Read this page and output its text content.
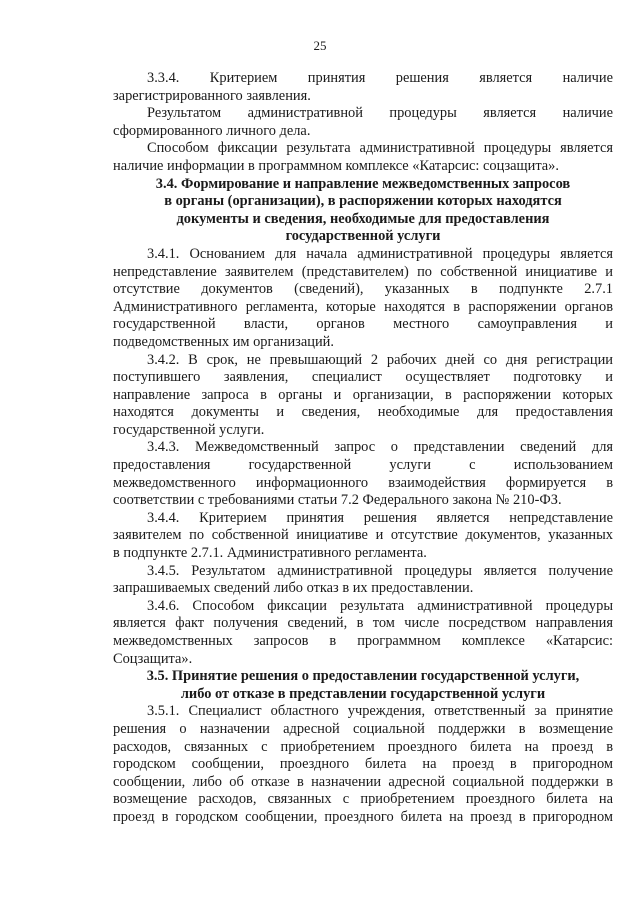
25
3.3.4. Критерием принятия решения является наличие
зарегистрированного заявления.
Результатом административной процедуры является наличие
сформированного личного дела.
Способом фиксации результата административной процедуры является
наличие информации в программном комплексе «Катарсис: соцзащита».
3.4. Формирование и направление межведомственных запросов
в органы (организации), в распоряжении которых находятся
документы и сведения, необходимые для предоставления
государственной услуги
3.4.1. Основанием для начала административной процедуры является
непредставление заявителем (представителем) по собственной инициативе и
отсутствие документов (сведений), указанных в подпункте 2.7.1
Административного регламента, которые находятся в распоряжении органов
государственной власти, органов местного самоуправления и
подведомственных им организаций.
3.4.2. В срок, не превышающий 2 рабочих дней со дня регистрации
поступившего заявления, специалист осуществляет подготовку и
направление запроса в органы и организации, в распоряжении которых
находятся документы и сведения, необходимые для предоставления
государственной услуги.
3.4.3. Межведомственный запрос о представлении сведений для
предоставления государственной услуги с использованием
межведомственного информационного взаимодействия формируется в
соответствии с требованиями статьи 7.2 Федерального закона № 210-ФЗ.
3.4.4. Критерием принятия решения является непредставление
заявителем по собственной инициативе и отсутствие документов, указанных
в подпункте 2.7.1. Административного регламента.
3.4.5. Результатом административной процедуры является получение
запрашиваемых сведений либо отказ в их предоставлении.
3.4.6. Способом фиксации результата административной процедуры
является факт получения сведений, в том числе посредством направления
межведомственных запросов в программном комплексе «Катарсис:
Соцзащита».
3.5. Принятие решения о предоставлении государственной услуги,
либо от отказе в представлении государственной услуги
3.5.1. Специалист областного учреждения, ответственный за принятие
решения о назначении адресной социальной поддержки в возмещение
расходов, связанных с приобретением проездного билета на проезд в
городском сообщении, проездного билета на проезд в пригородном
сообщении, либо об отказе в назначении адресной социальной поддержки в
возмещение расходов, связанных с приобретением проездного билета на
проезд в городском сообщении, проездного билета на проезд в пригородном
